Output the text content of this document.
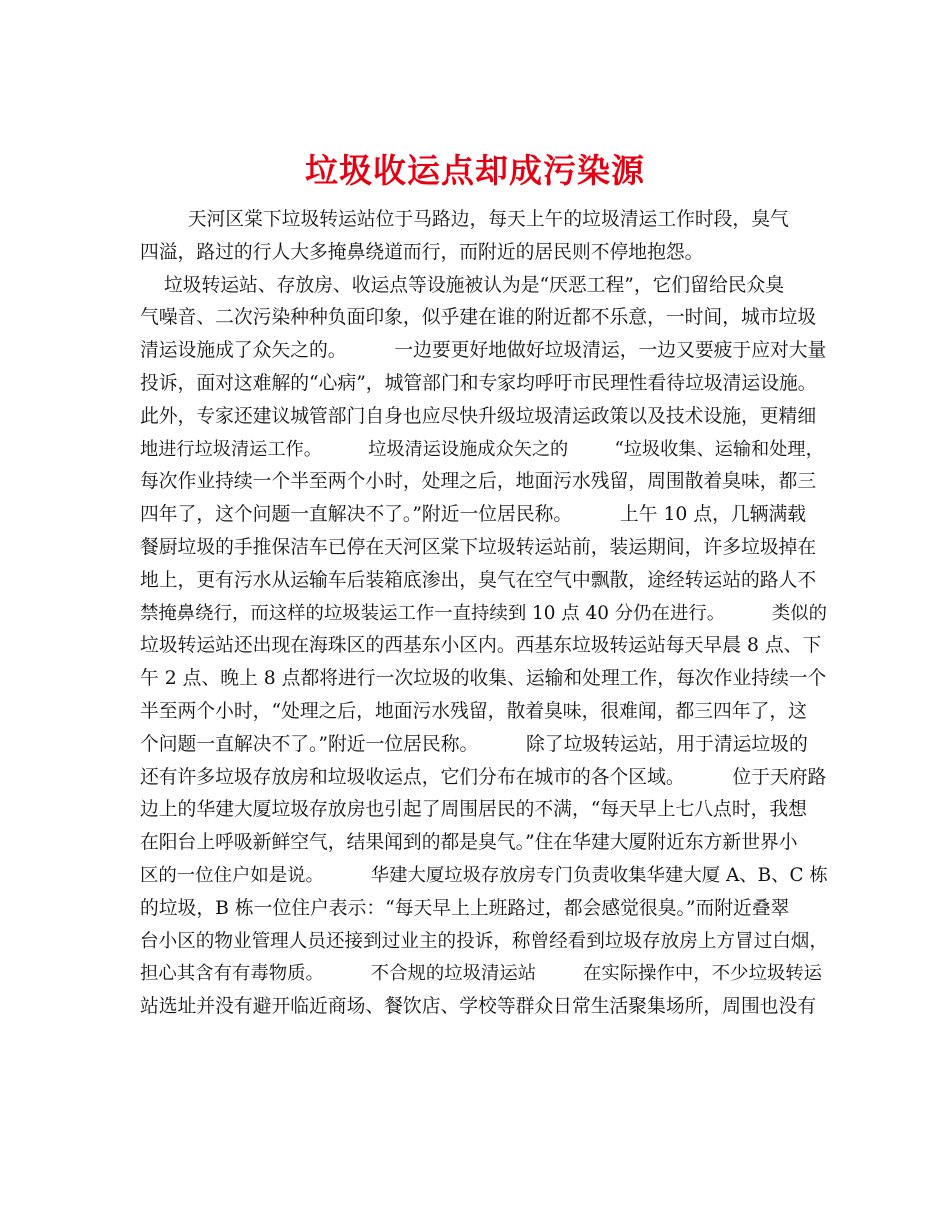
垃圾收运点却成污染源
天河区棠下垃圾转运站位于马路边，每天上午的垃圾清运工作时段，臭气
四溢，路过的行人大多掩鼻绕道而行，而附近的居民则不停地抱怨。
垃圾转运站、存放房、收运点等设施被认为是“厌恶工程”，它们留给民众臭
气噪音、二次污染种种负面印象，似乎建在谁的附近都不乐意，一时间，城市垃圾
清运设施成了众矢之的。        一边要更好地做好垃圾清运，一边又要疲于应对大量
投诉，面对这难解的“心病”，城管部门和专家均呼吁市民理性看待垃圾清运设施。
此外，专家还建议城管部门自身也应尽快升级垃圾清运政策以及技术设施，更精细
地进行垃圾清运工作。        垃圾清运设施成众矢之的        “垃圾收集、运输和处理，
每次作业持续一个半至两个小时，处理之后，地面污水残留，周围散着臭味，都三
四年了，这个问题一直解决不了。”附近一位居民称。        上午 10 点，几辆满载
餐厨垃圾的手推保洁车已停在天河区棠下垃圾转运站前，装运期间，许多垃圾掉在
地上，更有污水从运输车后装箱底渗出，臭气在空气中飘散，途经转运站的路人不
禁掩鼻绕行，而这样的垃圾装运工作一直持续到 10 点 40 分仍在进行。        类似的
垃圾转运站还出现在海珠区的西基东小区内。西基东垃圾转运站每天早晨 8 点、下
午 2 点、晚上 8 点都将进行一次垃圾的收集、运输和处理工作，每次作业持续一个
半至两个小时，“处理之后，地面污水残留，散着臭味，很难闻，都三四年了，这
个问题一直解决不了。”附近一位居民称。        除了垃圾转运站，用于清运垃圾的
还有许多垃圾存放房和垃圾收运点，它们分布在城市的各个区域。        位于天府路
边上的华建大厦垃圾存放房也引起了周围居民的不满，“每天早上七八点时，我想
在阳台上呼吸新鲜空气，结果闻到的都是臭气。”住在华建大厦附近东方新世界小
区的一位住户如是说。        华建大厦垃圾存放房专门负责收集华建大厦 A、B、C 栋
的垃圾，B 栋一位住户表示：“每天早上上班路过，都会感觉很臭。”而附近叠翠
台小区的物业管理人员还接到过业主的投诉，称曾经看到垃圾存放房上方冒过白烟，
担心其含有有毒物质。        不合规的垃圾清运站        在实际操作中，不少垃圾转运
站选址并没有避开临近商场、餐饮店、学校等群众日常生活聚集场所，周围也没有
